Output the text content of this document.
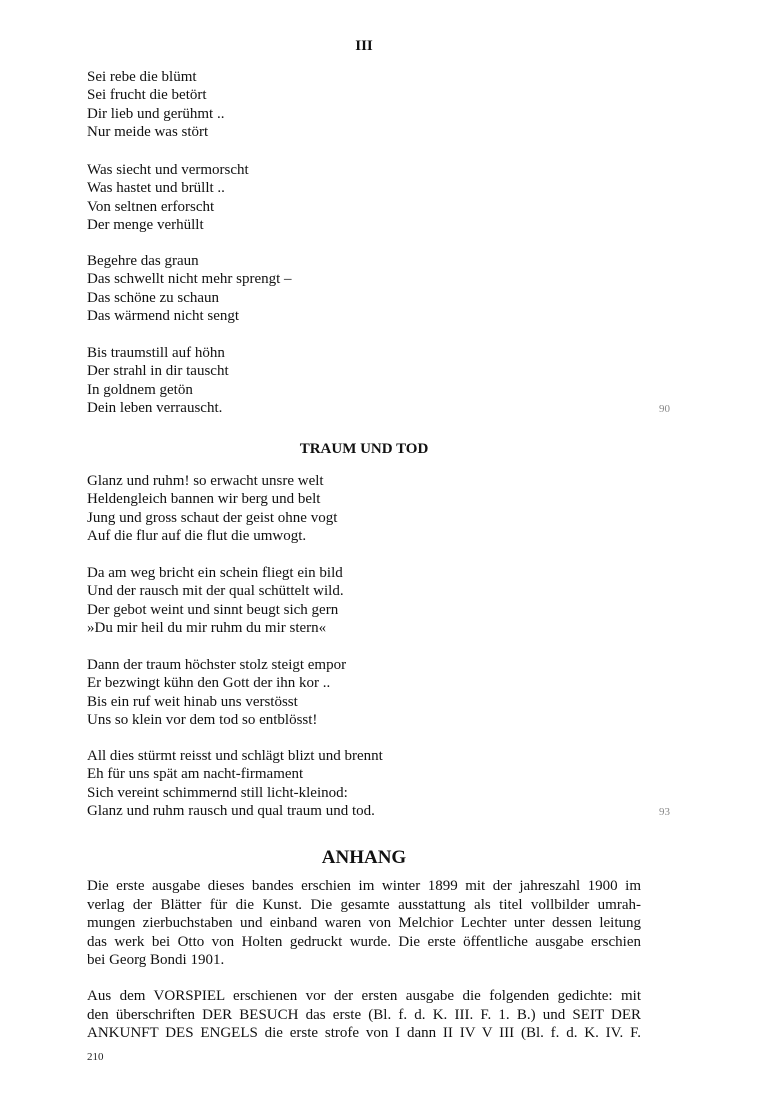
III
Sei rebe die blümt
Sei frucht die betört
Dir lieb und gerühmt ..
Nur meide was stört
Was siecht und vermorscht
Was hastet und brüllt ..
Von seltnen erforscht
Der menge verhüllt
Begehre das graun
Das schwellt nicht mehr sprengt –
Das schöne zu schaun
Das wärmend nicht sengt
Bis traumstill auf höhn
Der strahl in dir tauscht
In goldnem getön
Dein leben verrauscht.	90
TRAUM UND TOD
Glanz und ruhm! so erwacht unsre welt
Heldengleich bannen wir berg und belt
Jung und gross schaut der geist ohne vogt
Auf die flur auf die flut die umwogt.
Da am weg bricht ein schein fliegt ein bild
Und der rausch mit der qual schüttelt wild.
Der gebot weint und sinnt beugt sich gern
»Du mir heil du mir ruhm du mir stern«
Dann der traum höchster stolz steigt empor
Er bezwingt kühn den Gott der ihn kor ..
Bis ein ruf weit hinab uns verstösst
Uns so klein vor dem tod so entblösst!
All dies stürmt reisst und schlägt blizt und brennt
Eh für uns spät am nacht-firmament
Sich vereint schimmernd still licht-kleinod:
Glanz und ruhm rausch und qual traum und tod.	93
ANHANG

Die erste ausgabe dieses bandes erschien im winter 1899 mit der jahreszahl 1900 im
verlag der Blätter für die Kunst. Die gesamte ausstattung als titel vollbilder umrah-
mungen zierbuchstaben und einband waren von Melchior Lechter unter dessen leitung
das werk bei Otto von Holten gedruckt wurde. Die erste öffentliche ausgabe erschien
bei Georg Bondi 1901.

Aus dem VORSPIEL erschienen vor der ersten ausgabe die folgenden gedichte: mit
den überschriften DER BESUCH das erste (Bl. f. d. K. III. F. 1. B.) und SEIT DER
ANKUNFT DES ENGELS die erste strofe von I dann II IV V III (Bl. f. d. K. IV. F.

210
